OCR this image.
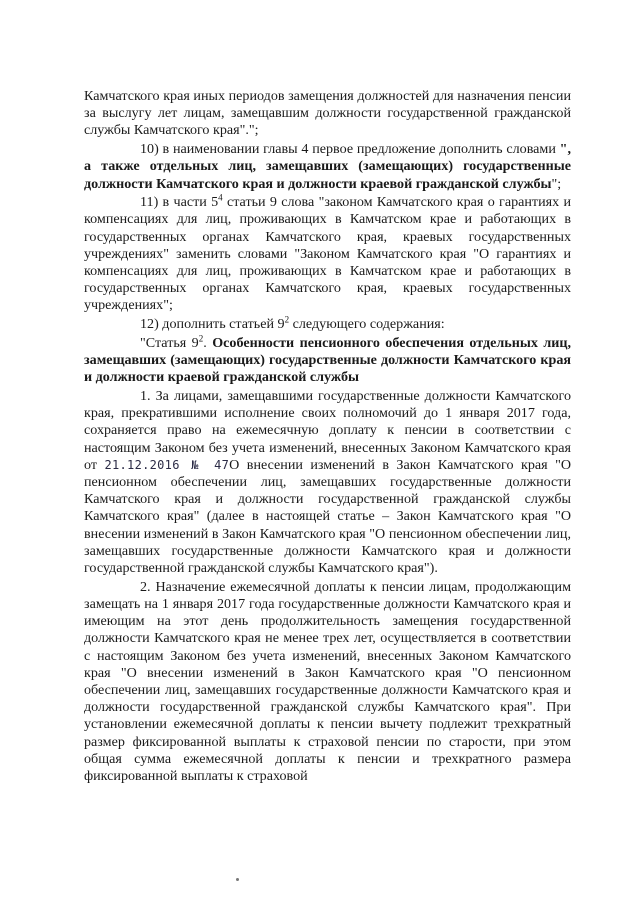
Камчатского края иных периодов замещения должностей для назначения пенсии за выслугу лет лицам, замещавшим должности государственной гражданской службы Камчатского края".";

10) в наименовании главы 4 первое предложение дополнить словами ", а также отдельных лиц, замещавших (замещающих) государственные должности Камчатского края и должности краевой гражданской службы";

11) в части $5^4$ статьи 9 слова "законом Камчатского края о гарантиях и компенсациях для лиц, проживающих в Камчатском крае и работающих в государственных органах Камчатского края, краевых государственных учреждениях" заменить словами "Законом Камчатского края "О гарантиях и компенсациях для лиц, проживающих в Камчатском крае и работающих в государственных органах Камчатского края, краевых государственных учреждениях";

12) дополнить статьей $9^2$ следующего содержания:

"Статья $9^2$. Особенности пенсионного обеспечения отдельных лиц, замещавших (замещающих) государственные должности Камчатского края и должности краевой гражданской службы

1. За лицами, замещавшими государственные должности Камчатского края, прекратившими исполнение своих полномочий до 1 января 2017 года, сохраняется право на ежемесячную доплату к пенсии в соответствии с настоящим Законом без учета изменений, внесенных Законом Камчатского края от 21.12.2016 № 47О внесении изменений в Закон Камчатского края "О пенсионном обеспечении лиц, замещавших государственные должности Камчатского края и должности государственной гражданской службы Камчатского края" (далее в настоящей статье – Закон Камчатского края "О внесении изменений в Закон Камчатского края "О пенсионном обеспечении лиц, замещавших государственные должности Камчатского края и должности государственной гражданской службы Камчатского края").

2. Назначение ежемесячной доплаты к пенсии лицам, продолжающим замещать на 1 января 2017 года государственные должности Камчатского края и имеющим на этот день продолжительность замещения государственной должности Камчатского края не менее трех лет, осуществляется в соответствии с настоящим Законом без учета изменений, внесенных Законом Камчатского края "О внесении изменений в Закон Камчатского края "О пенсионном обеспечении лиц, замещавших государственные должности Камчатского края и должности государственной гражданской службы Камчатского края". При установлении ежемесячной доплаты к пенсии вычету подлежит трехкратный размер фиксированной выплаты к страховой пенсии по старости, при этом общая сумма ежемесячной доплаты к пенсии и трехкратного размера фиксированной выплаты к страховой
